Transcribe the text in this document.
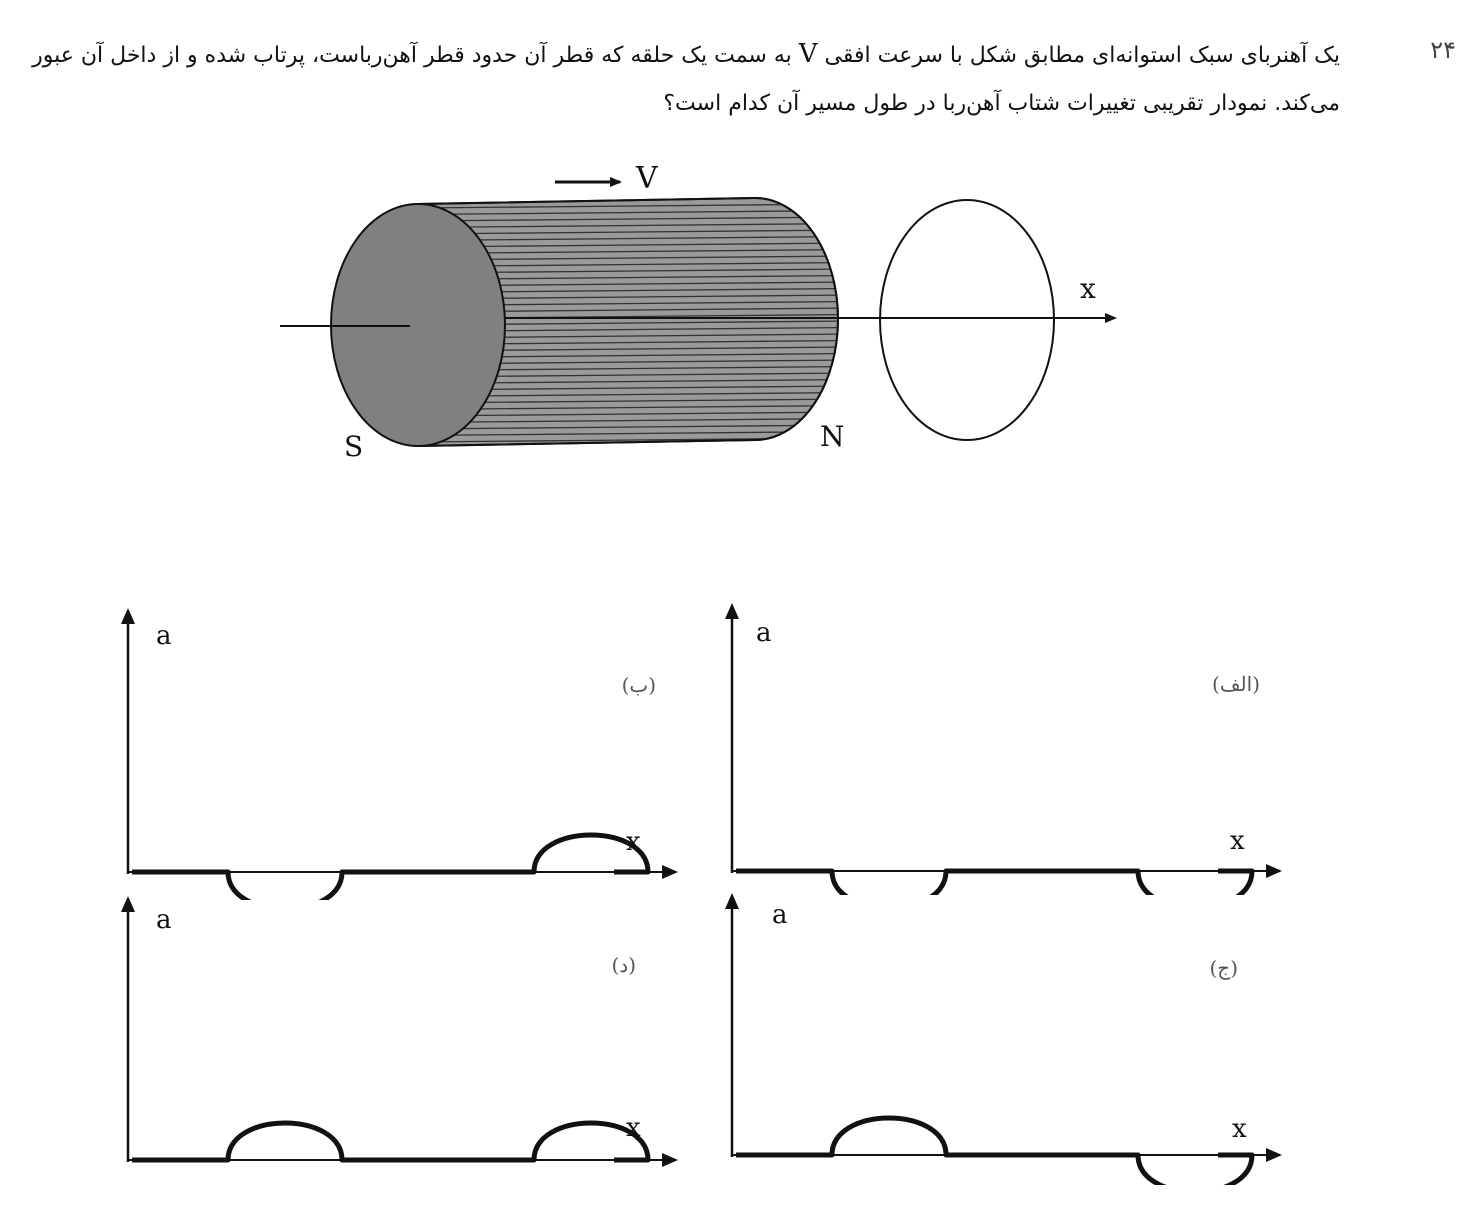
۲۴
یک آهنربای سبک استوانه‌ای مطابق شکل با سرعت افقی V به سمت یک حلقه که قطر آن حدود قطر آهن‌رباست، پرتاب شده و از داخل آن عبور می‌کند. نمودار تقریبی تغییرات شتاب آهن‌ربا در طول مسیر آن کدام است؟
V
x
S	N
a
x
(الف)
a
x
(ب)
a
x
(ج)
a
x
(د)
